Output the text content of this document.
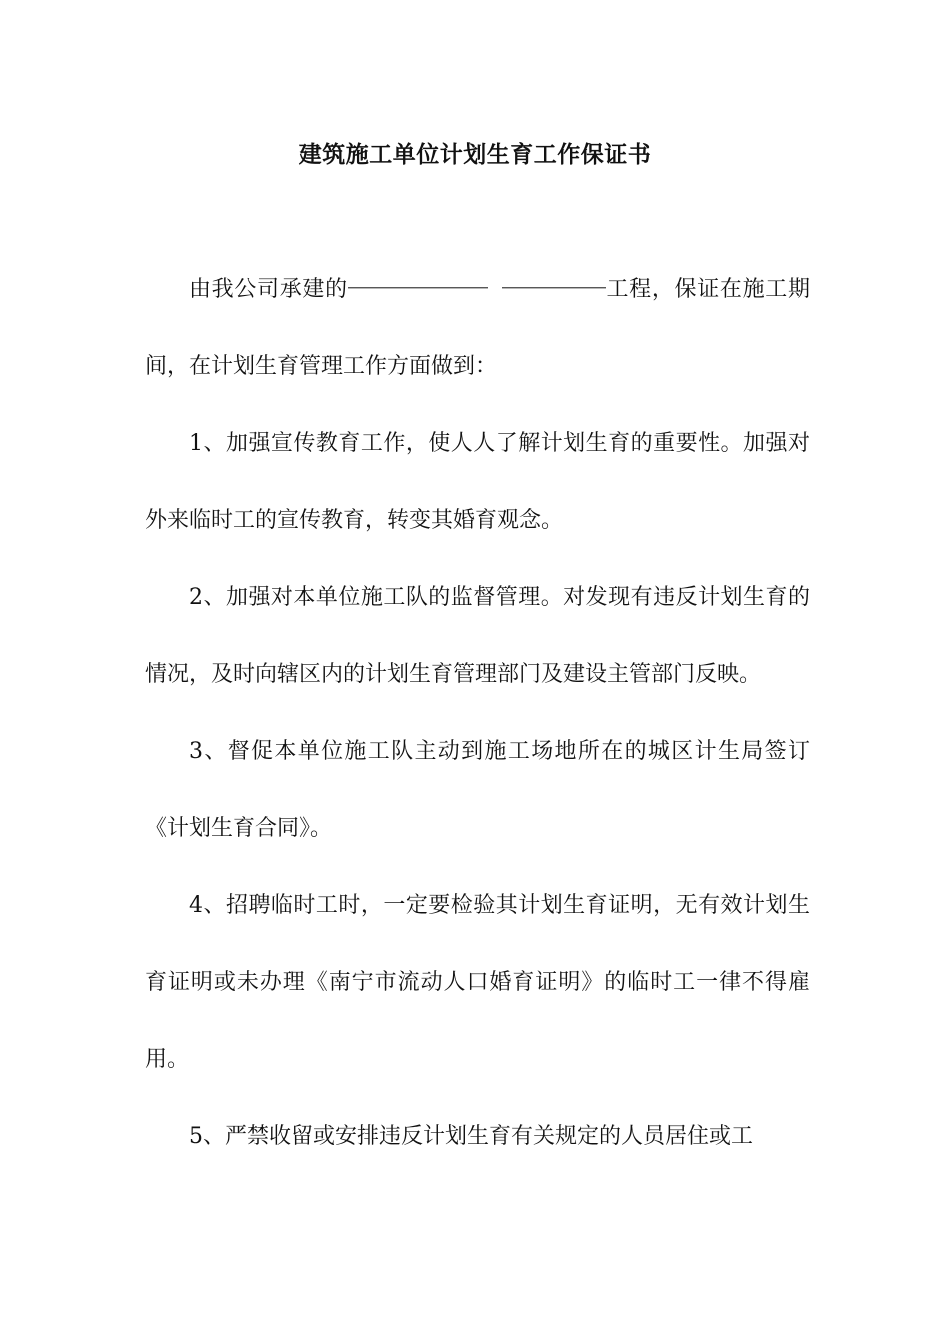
建筑施工单位计划生育工作保证书

由我公司承建的	工程，保证在施工期间，在计划生育管理工作方面做到：

1、加强宣传教育工作，使人人了解计划生育的重要性。加强对外来临时工的宣传教育，转变其婚育观念。

2、加强对本单位施工队的监督管理。对发现有违反计划生育的情况，及时向辖区内的计划生育管理部门及建设主管部门反映。

3、督促本单位施工队主动到施工场地所在的城区计生局签订《计划生育合同》。

4、招聘临时工时，一定要检验其计划生育证明，无有效计划生育证明或未办理《南宁市流动人口婚育证明》的临时工一律不得雇用。

5、严禁收留或安排违反计划生育有关规定的人员居住或工
